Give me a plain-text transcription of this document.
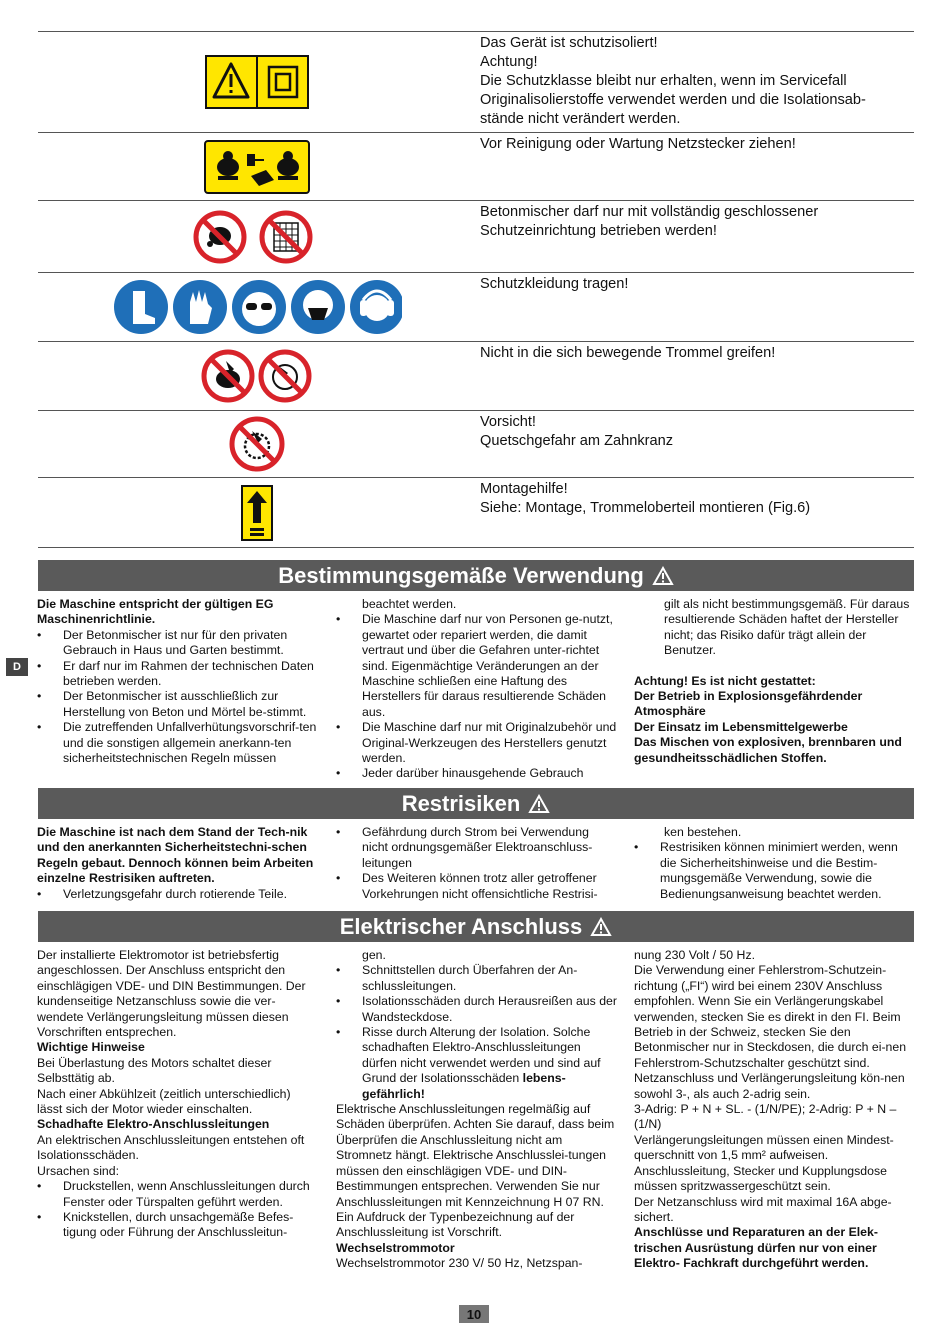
Das Gerät ist schutzisoliert!
Achtung!
Die Schutzklasse bleibt nur erhalten, wenn im Servicefall
Originalisolierstoffe verwendet werden und die Isolationsab-
stände nicht verändert werden.
Vor Reinigung oder Wartung Netzstecker ziehen!
Betonmischer darf nur mit vollständig geschlossener
Schutzeinrichtung betrieben werden!
Schutzkleidung tragen!
Nicht in die sich bewegende Trommel greifen!
Vorsicht!
Quetschgefahr am Zahnkranz
Montagehilfe!
Siehe: Montage, Trommeloberteil montieren (Fig.6)
D
Bestimmungsgemäße Verwendung

Die Maschine entspricht der gültigen EG Maschinenrichtlinie.

• Der Betonmischer ist nur für den privaten Gebrauch in Haus und Garten bestimmt.

• Er darf nur im Rahmen der technischen Daten betrieben werden.

• Der Betonmischer ist ausschließlich zur Herstellung von Beton und Mörtel be-stimmt.

• Die zutreffenden Unfallverhütungsvorschrif-ten und die sonstigen allgemein anerkann-ten sicherheitstechnischen Regeln müssen

beachtet werden.

• Die Maschine darf nur von Personen ge-nutzt, gewartet oder repariert werden, die damit vertraut und über die Gefahren unter-richtet sind. Eigenmächtige Veränderungen an der Maschine schließen eine Haftung des Herstellers für daraus resultierende Schäden aus.

• Die Maschine darf nur mit Originalzubehör und Original-Werkzeugen des Herstellers genutzt werden.

• Jeder darüber hinausgehende Gebrauch

gilt als nicht bestimmungsgemäß. Für daraus resultierende Schäden haftet der Hersteller nicht; das Risiko dafür trägt allein der Benutzer.

Achtung! Es ist nicht gestattet:
Der Betrieb in Explosionsgefährdender Atmosphäre
Der Einsatz im Lebensmittelgewerbe
Das Mischen von explosiven, brennbaren und gesundheitsschädlichen Stoffen.

Restrisiken

Die Maschine ist nach dem Stand der Tech-nik und den anerkannten Sicherheitstechni-schen Regeln gebaut. Dennoch können beim Arbeiten einzelne Restrisiken auftreten.

• Verletzungsgefahr durch rotierende Teile.

• Gefährdung durch Strom bei Verwendung nicht ordnungsgemäßer Elektroanschluss-leitungen

• Des Weiteren können trotz aller getroffener Vorkehrungen nicht offensichtliche Restrisi-

ken bestehen.

• Restrisiken können minimiert werden, wenn die Sicherheitshinweise und die Bestim-mungsgemäße Verwendung, sowie die Bedienungsanweisung beachtet werden.

Elektrischer Anschluss

Der installierte Elektromotor ist betriebsfertig angeschlossen. Der Anschluss entspricht den einschlägigen VDE- und DIN Bestimmungen. Der kundenseitige Netzanschluss sowie die ver-wendete Verlängerungsleitung müssen diesen Vorschriften entsprechen.

Wichtige Hinweise

Bei Überlastung des Motors schaltet dieser Selbsttätig ab.
Nach einer Abkühlzeit (zeitlich unterschiedlich) lässt sich der Motor wieder einschalten.

Schadhafte Elektro-Anschlussleitungen

An elektrischen Anschlussleitungen entstehen oft Isolationsschäden.
Ursachen sind:

• Druckstellen, wenn Anschlussleitungen durch Fenster oder Türspalten geführt werden.

• Knickstellen, durch unsachgemäße Befes-tigung oder Führung der Anschlussleitun-

gen.

• Schnittstellen durch Überfahren der An-schlussleitungen.

• Isolationsschäden durch Herausreißen aus der Wandsteckdose.

• Risse durch Alterung der Isolation. Solche schadhaften Elektro-Anschlussleitungen dürfen nicht verwendet werden und sind auf Grund der Isolationsschäden lebens-gefährlich!

Elektrische Anschlussleitungen regelmäßig auf Schäden überprüfen. Achten Sie darauf, dass beim Überprüfen die Anschlussleitung nicht am Stromnetz hängt. Elektrische Anschlusslei-tungen müssen den einschlägigen VDE- und DIN-Bestimmungen entsprechen. Verwenden Sie nur Anschlussleitungen mit Kennzeichnung H 07 RN.
Ein Aufdruck der Typenbezeichnung auf der Anschlussleitung ist Vorschrift.

Wechselstrommotor

Wechselstrommotor 230 V/ 50 Hz, Netzspan-

nung 230 Volt / 50 Hz.
Die Verwendung einer Fehlerstrom-Schutzein-richtung („FI“) wird bei einem 230V Anschluss empfohlen. Wenn Sie ein Verlängerungskabel verwenden, stecken Sie es direkt in den FI. Beim Betrieb in der Schweiz, stecken Sie den Betonmischer nur in Steckdosen, die durch ei-nen Fehlerstrom-Schutzschalter geschützt sind.
Netzanschluss und Verlängerungsleitung kön-nen sowohl 3-, als auch 2-adrig sein.
3-Adrig: P + N + SL. - (1/N/PE); 2-Adrig: P + N – (1/N)
Verlängerungsleitungen müssen einen Mindest-querschnitt von 1,5 mm² aufweisen.
Anschlussleitung, Stecker und Kupplungsdose müssen spritzwassergeschützt sein.
Der Netzanschluss wird mit maximal 16A abge-sichert.

Anschlüsse und Reparaturen an der Elek-trischen Ausrüstung dürfen nur von einer Elektro- Fachkraft durchgeführt werden.

10
